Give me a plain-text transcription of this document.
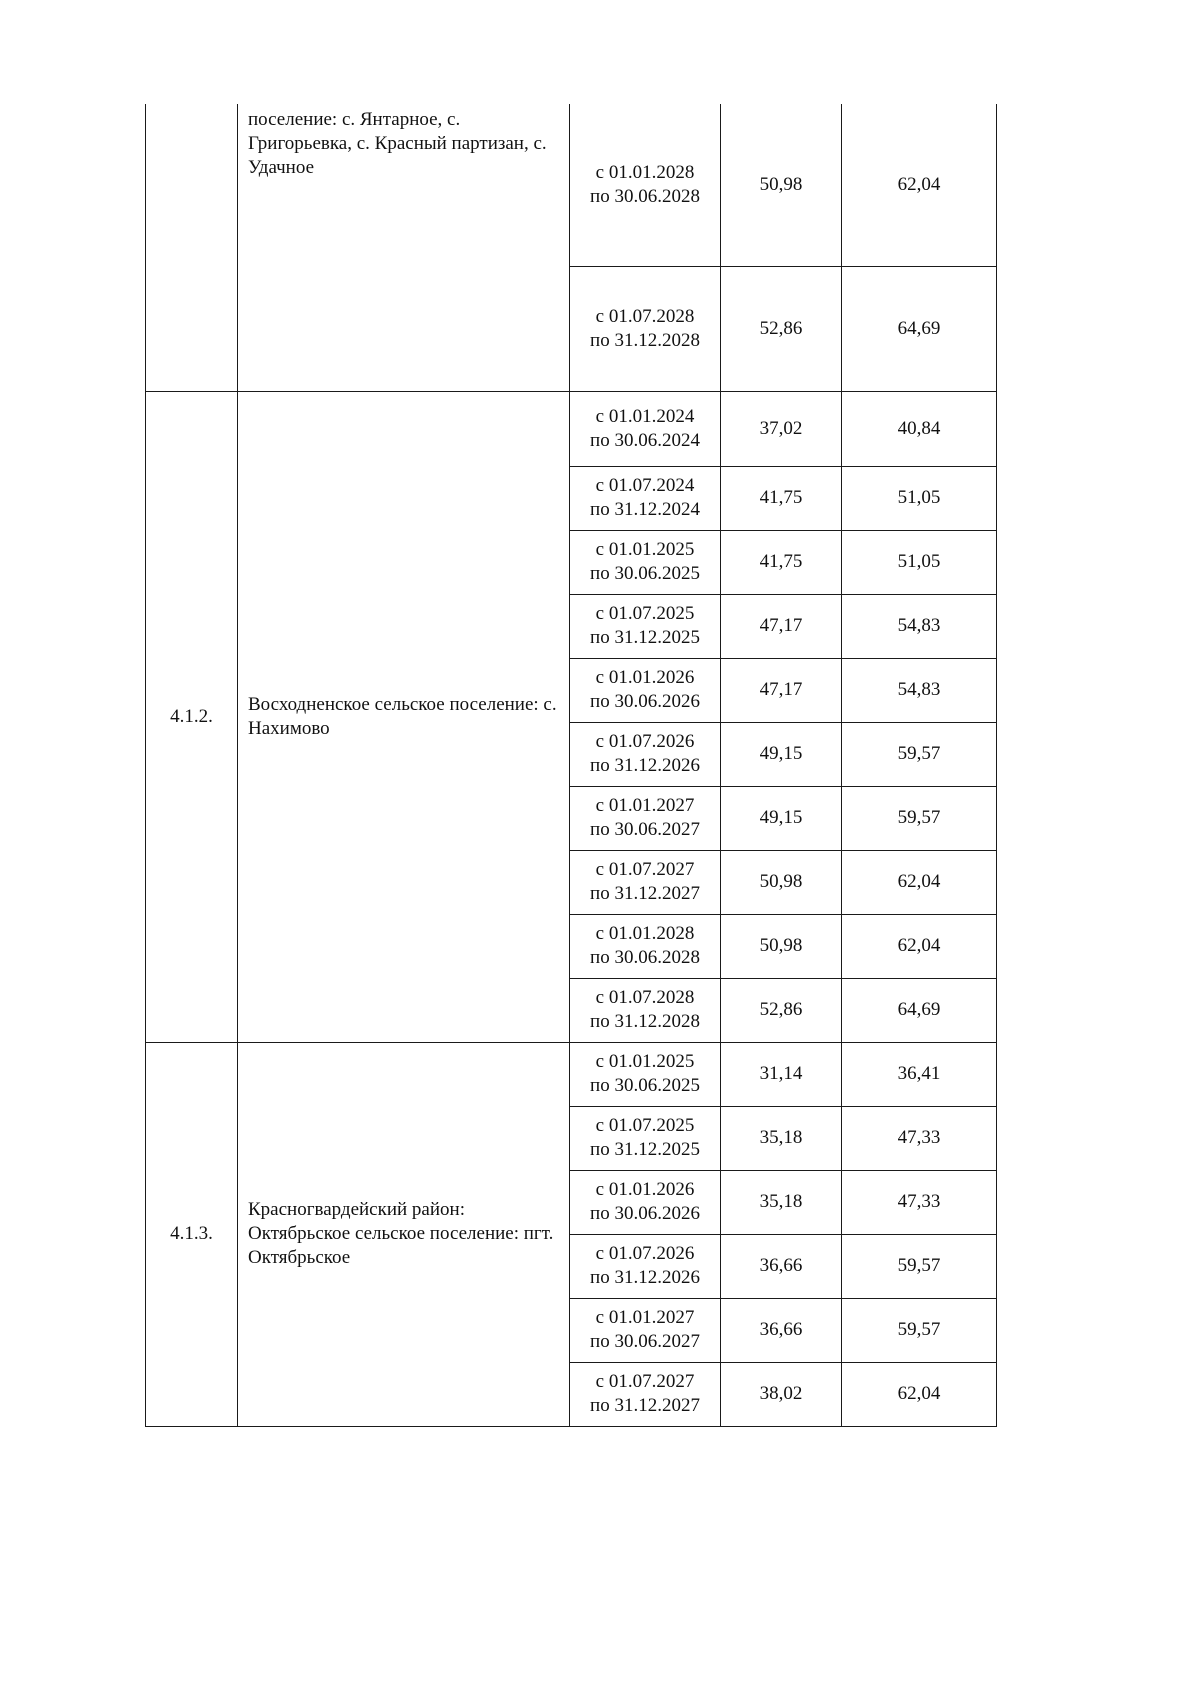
	поселение: с. Янтарное, с. Григорьевка, с. Красный партизан, с. Удачное	с 01.01.2028
по 30.06.2028	50,98	62,04

		с 01.07.2028
по 31.12.2028	52,86	64,69
4.1.2.	Восходненское сельское поселение: с. Нахимово	с 01.01.2024
по 30.06.2024	37,02	40,84

		с 01.07.2024
по 31.12.2024	41,75	51,05

		с 01.01.2025
по 30.06.2025	41,75	51,05

		с 01.07.2025
по 31.12.2025	47,17	54,83

		с 01.01.2026
по 30.06.2026	47,17	54,83

		с 01.07.2026
по 31.12.2026	49,15	59,57

		с 01.01.2027
по 30.06.2027	49,15	59,57

		с 01.07.2027
по 31.12.2027	50,98	62,04

		с 01.01.2028
по 30.06.2028	50,98	62,04

		с 01.07.2028
по 31.12.2028	52,86	64,69
4.1.3.	Красногвардейский район: Октябрьское сельское поселение: пгт. Октябрьское	с 01.01.2025
по 30.06.2025	31,14	36,41

		с 01.07.2025
по 31.12.2025	35,18	47,33

		с 01.01.2026
по 30.06.2026	35,18	47,33

		с 01.07.2026
по 31.12.2026	36,66	59,57

		с 01.01.2027
по 30.06.2027	36,66	59,57

		с 01.07.2027
по 31.12.2027	38,02	62,04
